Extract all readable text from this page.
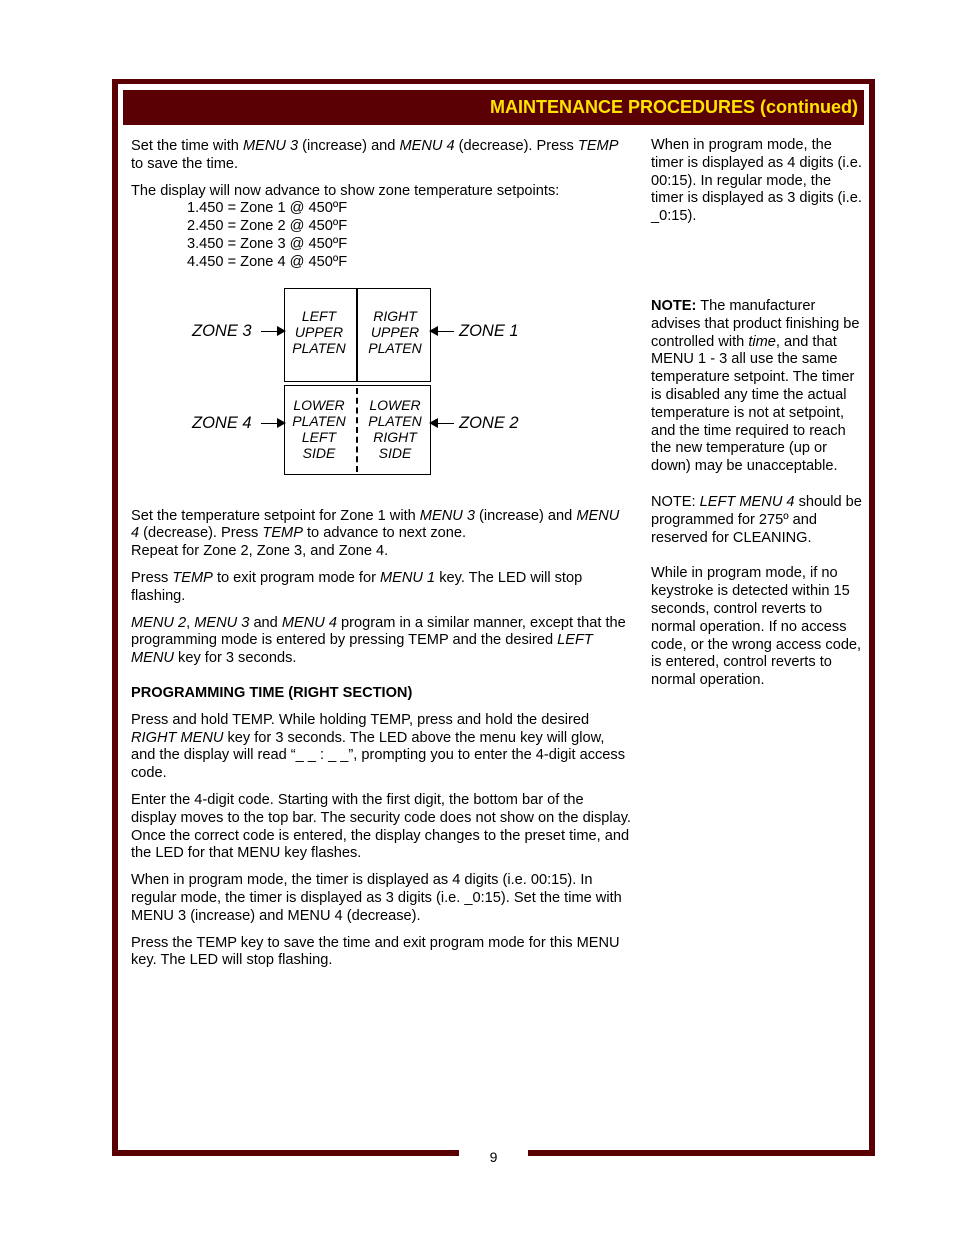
MAINTENANCE PROCEDURES (continued)

Set the time with MENU 3 (increase) and MENU 4 (decrease). Press TEMP to save the time.

The display will now advance to show zone temperature setpoints:

1.450 = Zone 1 @ 450ºF
2.450 = Zone 2 @ 450ºF
3.450 = Zone 3 @ 450ºF
4.450 = Zone 4 @ 450ºF
LEFT
UPPER
PLATEN
RIGHT
UPPER
PLATEN
LOWER
PLATEN
LEFT
SIDE
LOWER
PLATEN
RIGHT
SIDE
ZONE 3	ZONE 1
ZONE 4	ZONE 2

Set the temperature setpoint for Zone 1 with MENU 3 (increase) and MENU 4 (decrease). Press TEMP to advance to next zone.
Repeat for Zone 2, Zone 3, and Zone 4.

Press TEMP to exit program mode for MENU 1 key. The LED will stop flashing.

MENU 2, MENU 3 and MENU 4 program in a similar manner, except that the programming mode is entered by pressing TEMP and the desired LEFT MENU key for 3 seconds.

PROGRAMMING TIME (RIGHT SECTION)

Press and hold TEMP. While holding TEMP, press and hold the desired RIGHT MENU key for 3 seconds. The LED above the menu key will glow, and the display will read “_ _ : _ _”, prompting you to enter the 4-digit access code.

Enter the 4-digit code. Starting with the first digit, the bottom bar of the display moves to the top bar. The security code does not show on the display. Once the correct code is entered, the display changes to the preset time, and the LED for that MENU key flashes.

When in program mode, the timer is displayed as 4 digits (i.e. 00:15). In regular mode, the timer is displayed as 3 digits (i.e. _0:15). Set the time with MENU 3 (increase) and MENU 4 (decrease).

Press the TEMP key to save the time and exit program mode for this MENU key. The LED will stop flashing.

When in program mode, the timer is displayed as 4 digits (i.e. 00:15). In regular mode, the timer is displayed as 3 digits (i.e. _0:15).

NOTE: The manufacturer advises that product finishing be controlled with time, and that MENU 1 - 3 all use the same temperature setpoint. The timer is disabled any time the actual temperature is not at setpoint, and the time required to reach the new temperature (up or down) may be unacceptable.

NOTE: LEFT MENU 4 should be programmed for 275º and reserved for CLEANING.

While in program mode, if no keystroke is detected within 15 seconds, control reverts to normal operation. If no access code, or the wrong access code, is entered, control reverts to normal operation.

9
